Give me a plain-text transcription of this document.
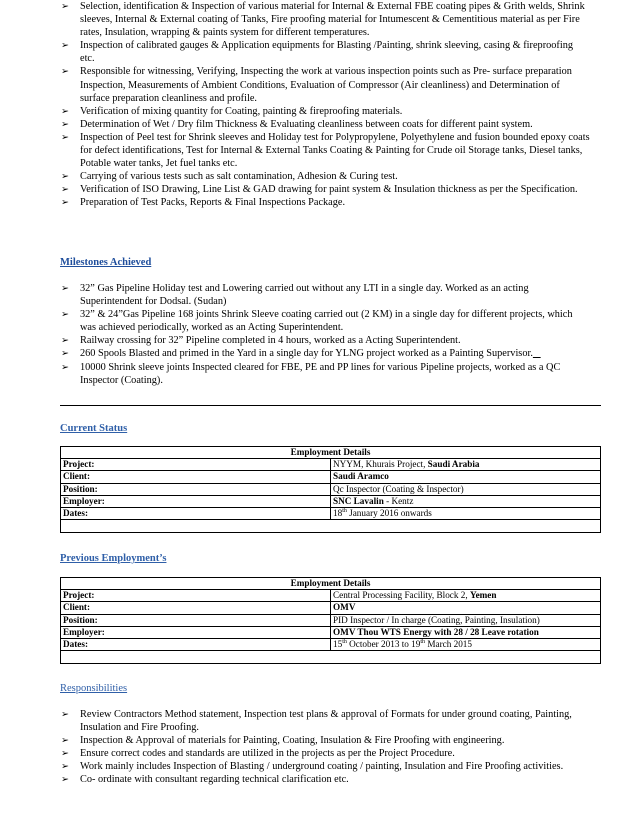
➢ Selection, identification & Inspection of various material for Internal & External FBE coating pipes & Grith welds, Shrink sleeves, Internal & External coating of Tanks, Fire proofing material for Intumescent & Cementitious material as per Fire rates, Insulation, wrapping & paints system for different temperatures.
➢ Inspection of calibrated gauges & Application equipments for Blasting /Painting, shrink sleeving, casing & fireproofing etc.
➢ Responsible for witnessing, Verifying, Inspecting the work at various inspection points such as Pre- surface preparation Inspection, Measurements of Ambient Conditions, Evaluation of Compressor (Air cleanliness) and Determination of surface preparation cleanliness and profile.
➢ Verification of mixing quantity for Coating, painting & fireproofing materials.
➢ Determination of Wet / Dry film Thickness & Evaluating cleanliness between coats for different paint system.
➢ Inspection of Peel test for Shrink sleeves and Holiday test for Polypropylene, Polyethylene and fusion bounded epoxy coats for defect identifications, Test for Internal & External Tanks Coating & Painting for Crude oil Storage tanks, Diesel tanks, Potable water tanks, Jet fuel tanks etc.
➢ Carrying of various tests such as salt contamination, Adhesion & Curing test.
➢ Verification of ISO Drawing, Line List & GAD drawing for paint system & Insulation thickness as per the Specification.
➢ Preparation of Test Packs, Reports & Final Inspections Package.
Milestones Achieved
➢ 32” Gas Pipeline Holiday test and Lowering carried out without any LTI in a single day. Worked as an acting Superintendent for Dodsal. (Sudan)
➢ 32” & 24”Gas Pipeline 168 joints Shrink Sleeve coating carried out (2 KM) in a single day for different projects, which was achieved periodically, worked as an Acting Superintendent.
➢ Railway crossing for 32” Pipeline completed in 4 hours, worked as a Acting Superintendent.
➢ 260 Spools Blasted and primed in the Yard in a single day for YLNG project worked as a Painting Supervisor.
➢ 10000 Shrink sleeve joints Inspected cleared for FBE, PE and PP lines for various Pipeline projects, worked as a QC Inspector (Coating).
Current Status
Employment Details	
Project:	NYYM, Khurais Project, Saudi Arabia
Client:	Saudi Aramco
Position:	Qc Inspector (Coating & Inspector)
Employer:	SNC Lavalin - Kentz
Dates:	18th January 2016 onwards

Previous Employment’s
Employment Details	
Project:	Central Processing Facility, Block 2, Yemen
Client:	OMV
Position:	PID Inspector / In charge (Coating, Painting, Insulation)
Employer:	OMV Thou WTS Energy with 28 / 28 Leave rotation
Dates:	15th October 2013 to 19th March 2015

Responsibilities
➢ Review Contractors Method statement, Inspection test plans & approval of Formats for under ground coating, Painting, Insulation and Fire Proofing.
➢ Inspection & Approval of materials for Painting, Coating, Insulation & Fire Proofing with engineering.
➢ Ensure correct codes and standards are utilized in the projects as per the Project Procedure.
➢ Work mainly includes Inspection of Blasting / underground coating / painting, Insulation and Fire Proofing activities.
➢ Co- ordinate with consultant regarding technical clarification etc.
